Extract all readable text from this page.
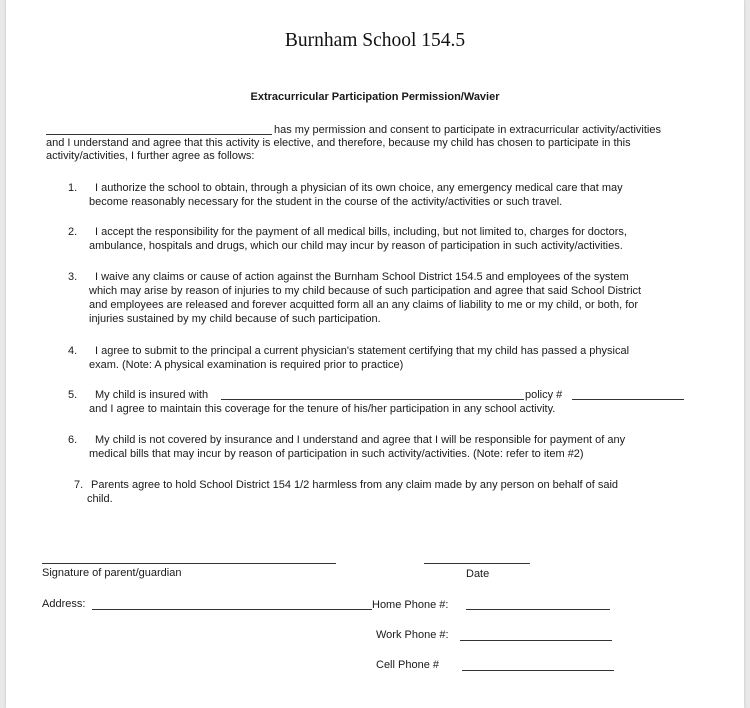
Burnham School 154.5
Extracurricular Participation Permission/Wavier
has my permission and consent to participate in extracurricular activity/activities
and I understand and agree that this activity is elective, and therefore, because my child has chosen to participate in this
activity/activities, I further agree as follows:
1. I authorize the school to obtain, through a physician of its own choice, any emergency medical care that may
become reasonably necessary for the student in the course of the activity/activities or such travel.
2. I accept the responsibility for the payment of all medical bills, including, but not limited to, charges for doctors,
ambulance, hospitals and drugs, which our child may incur by reason of participation in such activity/activities.
3. I waive any claims or cause of action against the Burnham School District 154.5 and employees of the system
which may arise by reason of injuries to my child because of such participation and agree that said School District
and employees are released and forever acquitted form all an any claims of liability to me or my child, or both, for
injuries sustained by my child because of such participation.
4. I agree to submit to the principal a current physician's statement certifying that my child has passed a physical
exam. (Note: A physical examination is required prior to practice)
5. My child is insured with	policy #
and I agree to maintain this coverage for the tenure of his/her participation in any school activity.
6. My child is not covered by insurance and I understand and agree that I will be responsible for payment of any
medical bills that may incur by reason of participation in such activity/activities. (Note: refer to item #2)
7. Parents agree to hold School District 154 1/2 harmless from any claim made by any person on behalf of said
child.
Signature of parent/guardian	Date
Address:	Home Phone #:
Work Phone #:
Cell Phone #
